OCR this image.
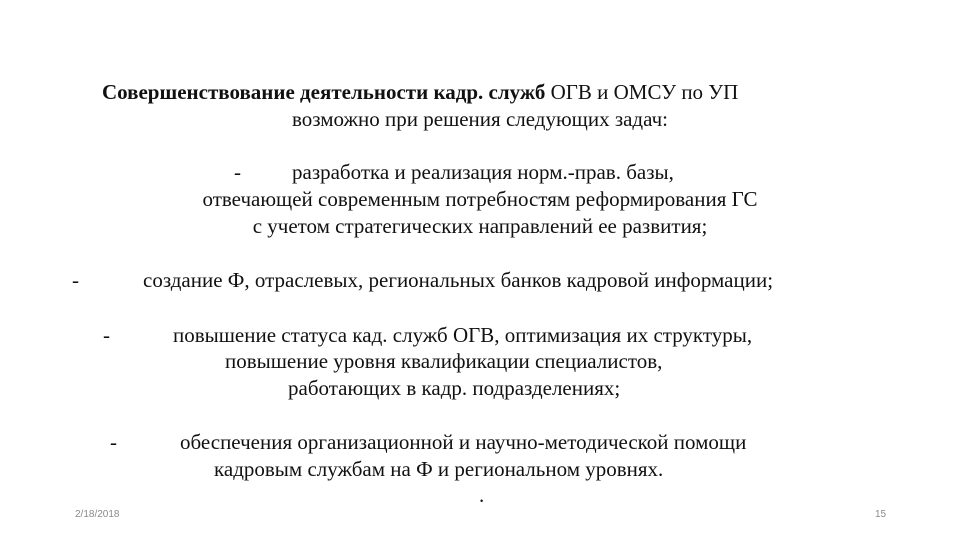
Совершенствование деятельности кадр. служб ОГВ и ОМСУ по УП
возможно при решения следующих задач:
- разработка и реализация норм.-прав. базы,
отвечающей современным потребностям реформирования ГС
с учетом стратегических направлений ее развития;
-	создание Ф, отраслевых, региональных банков кадровой информации;
-	повышение статуса кад. служб ОГВ, оптимизация их структуры,
повышение уровня квалификации специалистов,
работающих в кадр. подразделениях;
-	обеспечения организационной и научно-методической помощи
кадровым службам на Ф и региональном уровнях.
.
2/18/2018	15
